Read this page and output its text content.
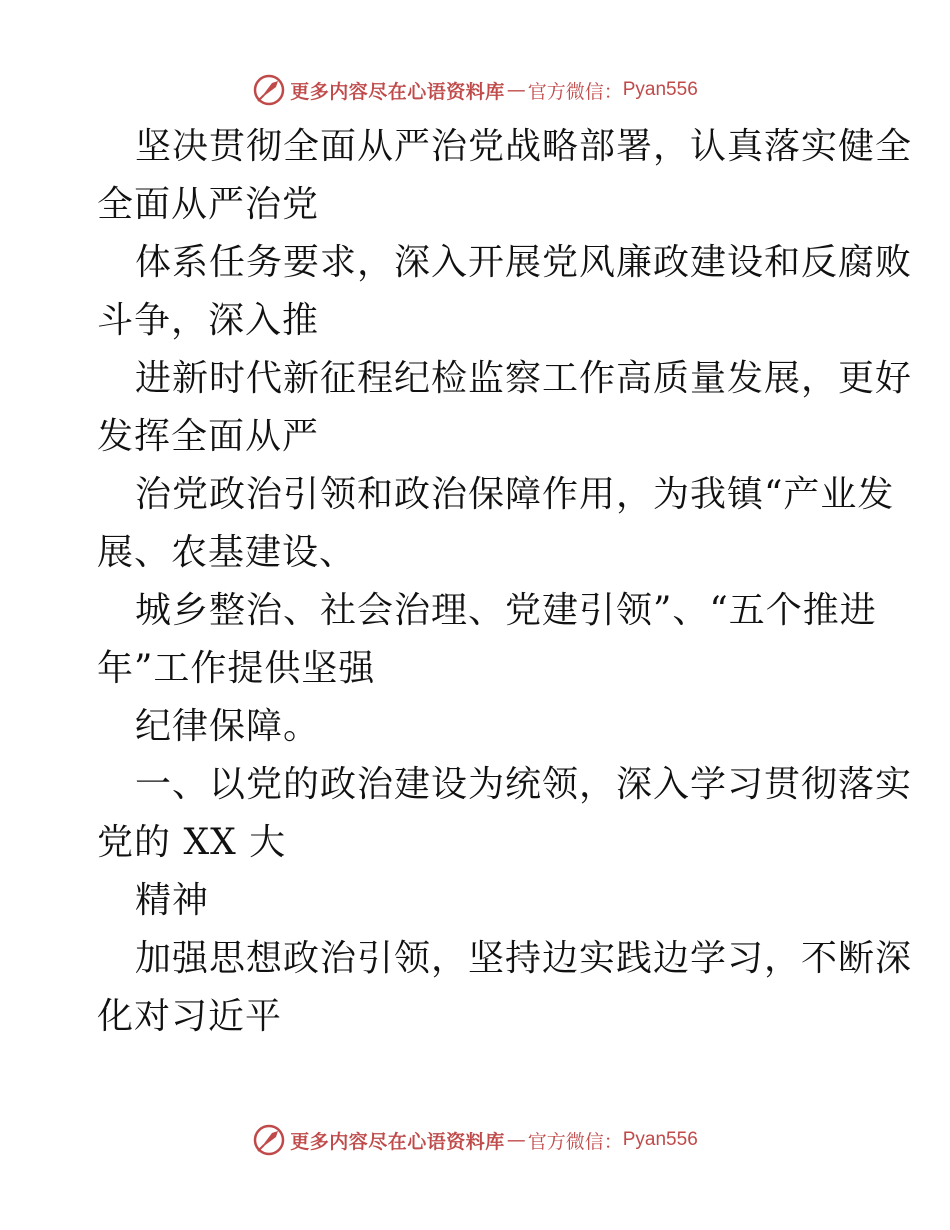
更多内容尽在心语资料库 — 官方微信： Pyan556

坚决贯彻全面从严治党战略部署，认真落实健全

全面从严治党

体系任务要求，深入开展党风廉政建设和反腐败

斗争，深入推

进新时代新征程纪检监察工作高质量发展，更好

发挥全面从严

治党政治引领和政治保障作用，为我镇“产业发

展、农基建设、

城乡整治、社会治理、党建引领”、“五个推进

年”工作提供坚强

纪律保障。

一、以党的政治建设为统领，深入学习贯彻落实

党的 XX 大

精神

加强思想政治引领，坚持边实践边学习，不断深

化对习近平

更多内容尽在心语资料库 — 官方微信： Pyan556
